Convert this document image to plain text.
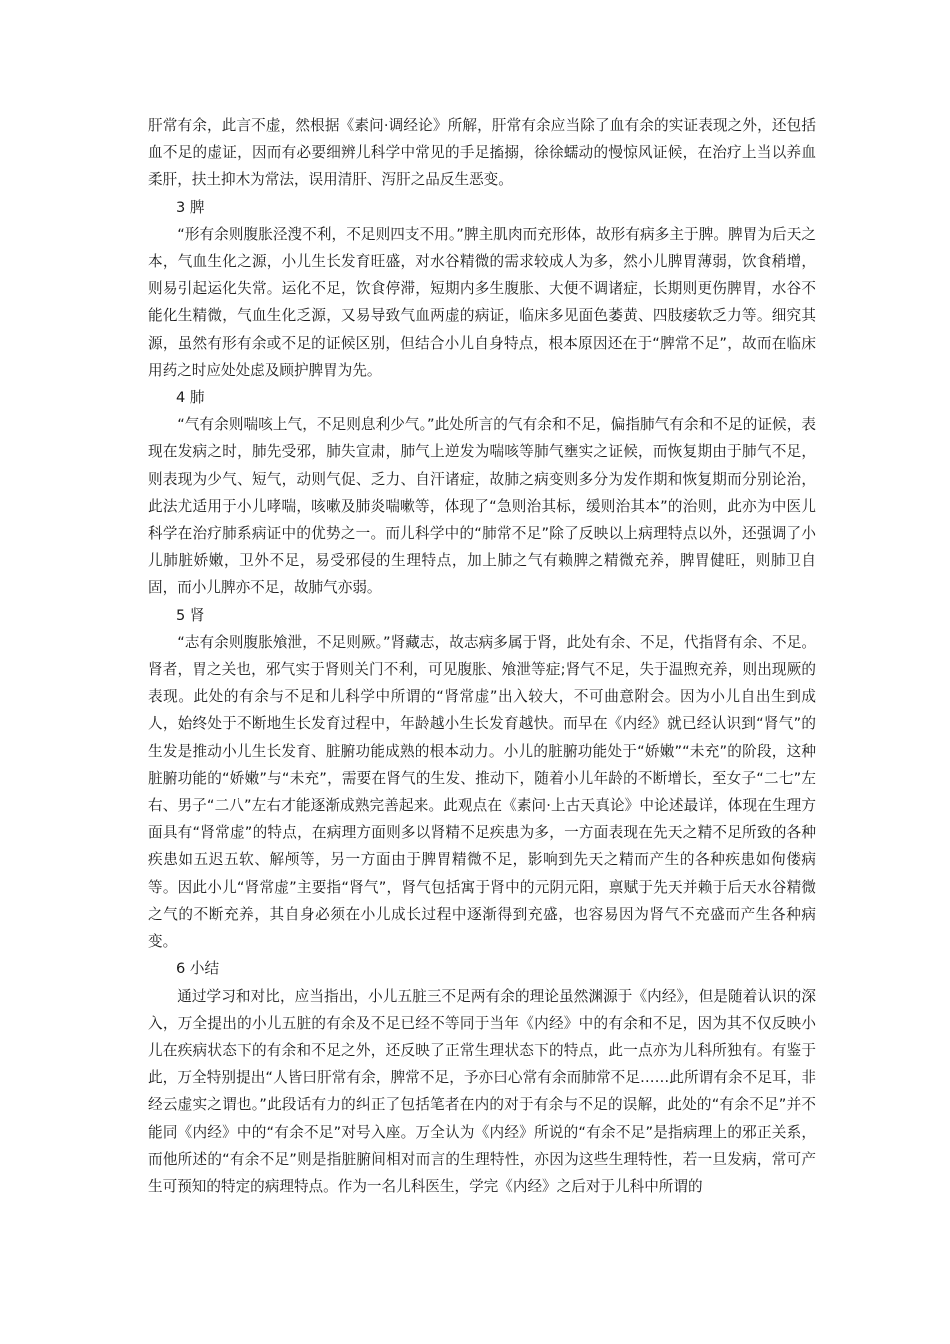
肝常有余，此言不虚，然根据《素问·调经论》所解，肝常有余应当除了血有余的实证表现之外，还包括血不足的虚证，因而有必要细辨儿科学中常见的手足搐搦，徐徐蠕动的慢惊风证候，在治疗上当以养血柔肝，扶土抑木为常法，误用清肝、泻肝之品反生恶变。

3 脾

“形有余则腹胀泾溲不利，不足则四支不用。”脾主肌肉而充形体，故形有病多主于脾。脾胃为后天之本，气血生化之源，小儿生长发育旺盛，对水谷精微的需求较成人为多，然小儿脾胃薄弱，饮食稍增，则易引起运化失常。运化不足，饮食停滞，短期内多生腹胀、大便不调诸症，长期则更伤脾胃，水谷不能化生精微，气血生化乏源，又易导致气血两虚的病证，临床多见面色萎黄、四肢痿软乏力等。细究其源，虽然有形有余或不足的证候区别，但结合小儿自身特点，根本原因还在于“脾常不足”，故而在临床用药之时应处处虑及顾护脾胃为先。

4 肺

“气有余则喘咳上气，不足则息利少气。”此处所言的气有余和不足，偏指肺气有余和不足的证候，表现在发病之时，肺先受邪，肺失宣肃，肺气上逆发为喘咳等肺气壅实之证候，而恢复期由于肺气不足，则表现为少气、短气，动则气促、乏力、自汗诸症，故肺之病变则多分为发作期和恢复期而分别论治，此法尤适用于小儿哮喘，咳嗽及肺炎喘嗽等，体现了“急则治其标，缓则治其本”的治则，此亦为中医儿科学在治疗肺系病证中的优势之一。而儿科学中的“肺常不足”除了反映以上病理特点以外，还强调了小儿肺脏娇嫩，卫外不足，易受邪侵的生理特点，加上肺之气有赖脾之精微充养，脾胃健旺，则肺卫自固，而小儿脾亦不足，故肺气亦弱。

5 肾

“志有余则腹胀飧泄，不足则厥。”肾藏志，故志病多属于肾，此处有余、不足，代指肾有余、不足。肾者，胃之关也，邪气实于肾则关门不利，可见腹胀、飧泄等症;肾气不足，失于温煦充养，则出现厥的表现。此处的有余与不足和儿科学中所谓的“肾常虚”出入较大，不可曲意附会。因为小儿自出生到成人，始终处于不断地生长发育过程中，年龄越小生长发育越快。而早在《内经》就已经认识到“肾气”的生发是推动小儿生长发育、脏腑功能成熟的根本动力。小儿的脏腑功能处于“娇嫩”“未充”的阶段，这种脏腑功能的“娇嫩”与“未充”，需要在肾气的生发、推动下，随着小儿年龄的不断增长，至女子“二七”左右、男子“二八”左右才能逐渐成熟完善起来。此观点在《素问·上古天真论》中论述最详，体现在生理方面具有“肾常虚”的特点，在病理方面则多以肾精不足疾患为多，一方面表现在先天之精不足所致的各种疾患如五迟五软、解颅等，另一方面由于脾胃精微不足，影响到先天之精而产生的各种疾患如佝偻病等。因此小儿“肾常虚”主要指“肾气”，肾气包括寓于肾中的元阴元阳，禀赋于先天并赖于后天水谷精微之气的不断充养，其自身必须在小儿成长过程中逐渐得到充盛，也容易因为肾气不充盛而产生各种病变。

6 小结

通过学习和对比，应当指出，小儿五脏三不足两有余的理论虽然渊源于《内经》，但是随着认识的深入，万全提出的小儿五脏的有余及不足已经不等同于当年《内经》中的有余和不足，因为其不仅反映小儿在疾病状态下的有余和不足之外，还反映了正常生理状态下的特点，此一点亦为儿科所独有。有鉴于此，万全特别提出“人皆曰肝常有余，脾常不足，予亦曰心常有余而肺常不足……此所谓有余不足耳，非经云虚实之谓也。”此段话有力的纠正了包括笔者在内的对于有余与不足的误解，此处的“有余不足”并不能同《内经》中的“有余不足”对号入座。万全认为《内经》所说的“有余不足”是指病理上的邪正关系，而他所述的“有余不足”则是指脏腑间相对而言的生理特性，亦因为这些生理特性，若一旦发病，常可产生可预知的特定的病理特点。作为一名儿科医生，学完《内经》之后对于儿科中所谓的
